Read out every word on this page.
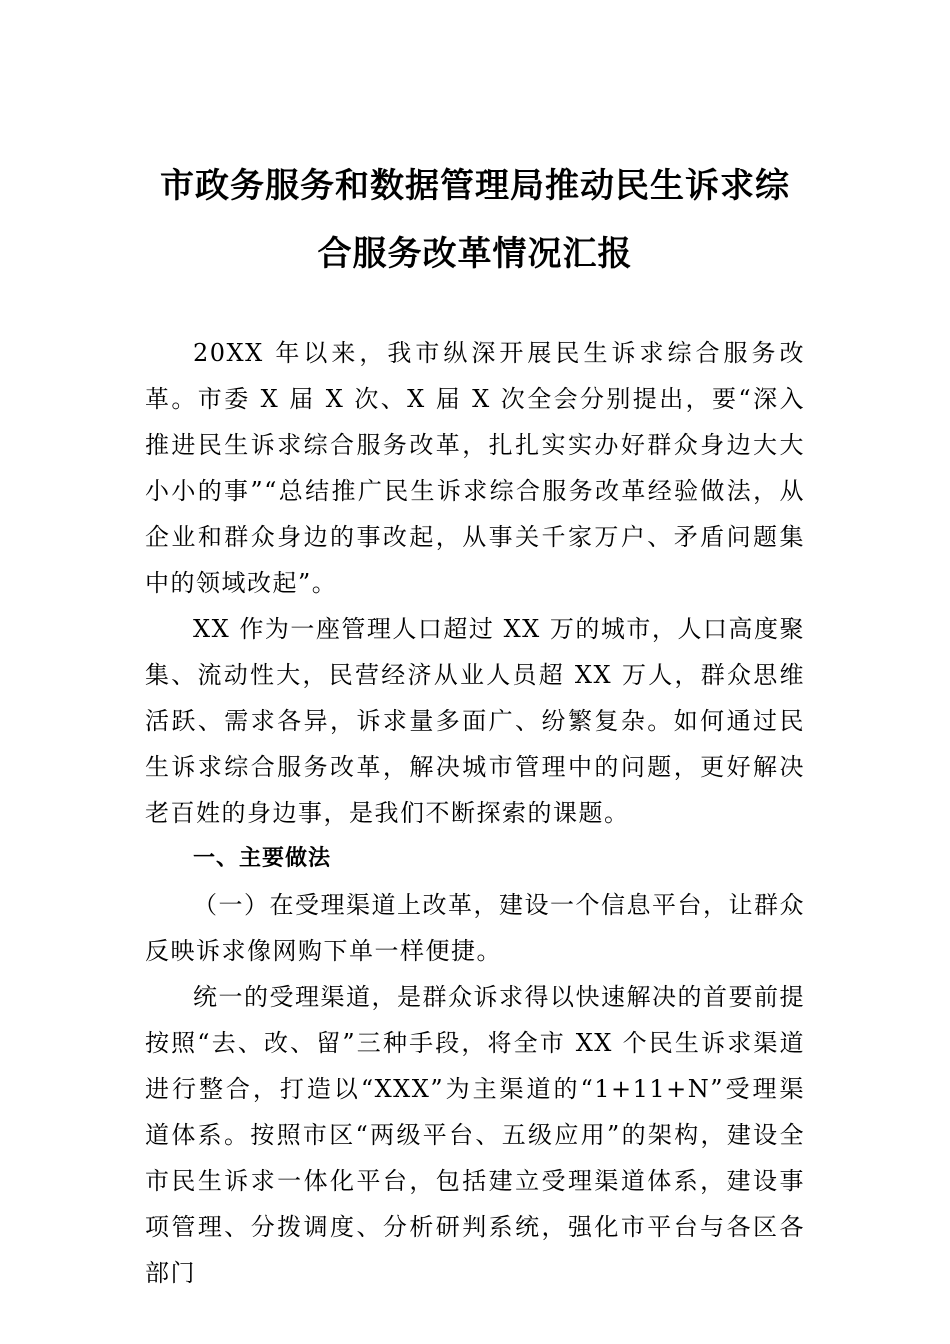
市政务服务和数据管理局推动民生诉求综
合服务改革情况汇报

20XX 年以来，我市纵深开展民生诉求综合服务改革。市委 X 届 X 次、X 届 X 次全会分别提出，要“深入推进民生诉求综合服务改革，扎扎实实办好群众身边大大小小的事”“总结推广民生诉求综合服务改革经验做法，从企业和群众身边的事改起，从事关千家万户、矛盾问题集中的领域改起”。

XX 作为一座管理人口超过 XX 万的城市，人口高度聚集、流动性大，民营经济从业人员超 XX 万人，群众思维活跃、需求各异，诉求量多面广、纷繁复杂。如何通过民生诉求综合服务改革，解决城市管理中的问题，更好解决老百姓的身边事，是我们不断探索的课题。

一、主要做法

（一）在受理渠道上改革，建设一个信息平台，让群众反映诉求像网购下单一样便捷。

统一的受理渠道，是群众诉求得以快速解决的首要前提按照“去、改、留”三种手段，将全市 XX 个民生诉求渠道进行整合，打造以“XXX”为主渠道的“1+11+N”受理渠道体系。按照市区“两级平台、五级应用”的架构，建设全市民生诉求一体化平台，包括建立受理渠道体系，建设事项管理、分拨调度、分析研判系统，强化市平台与各区各部门
